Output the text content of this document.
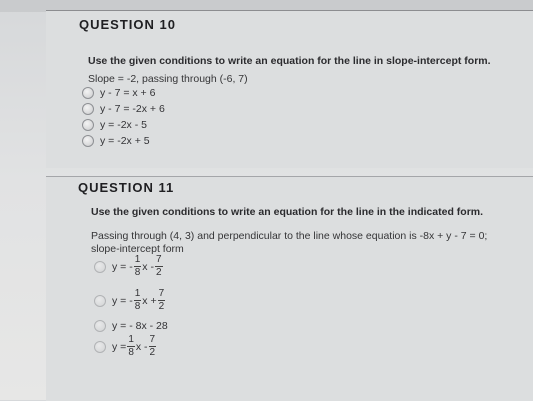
QUESTION 10
Use the given conditions to write an equation for the line in slope-intercept form.
Slope = -2, passing through (-6, 7)
y - 7 = x + 6
y - 7 = -2x + 6
y = -2x - 5
y = -2x + 5
QUESTION 11
Use the given conditions to write an equation for the line in the indicated form.
Passing through (4, 3) and perpendicular to the line whose equation is -8x + y - 7 = 0;
slope-intercept form
y = - $\frac{1}{8}$ x - $\frac{7}{2}$
y = - $\frac{1}{8}$ $x + \frac{7}{2}$
y = - 8x - 28
$y = \frac{1}{8}$ x - $\frac{7}{2}$
